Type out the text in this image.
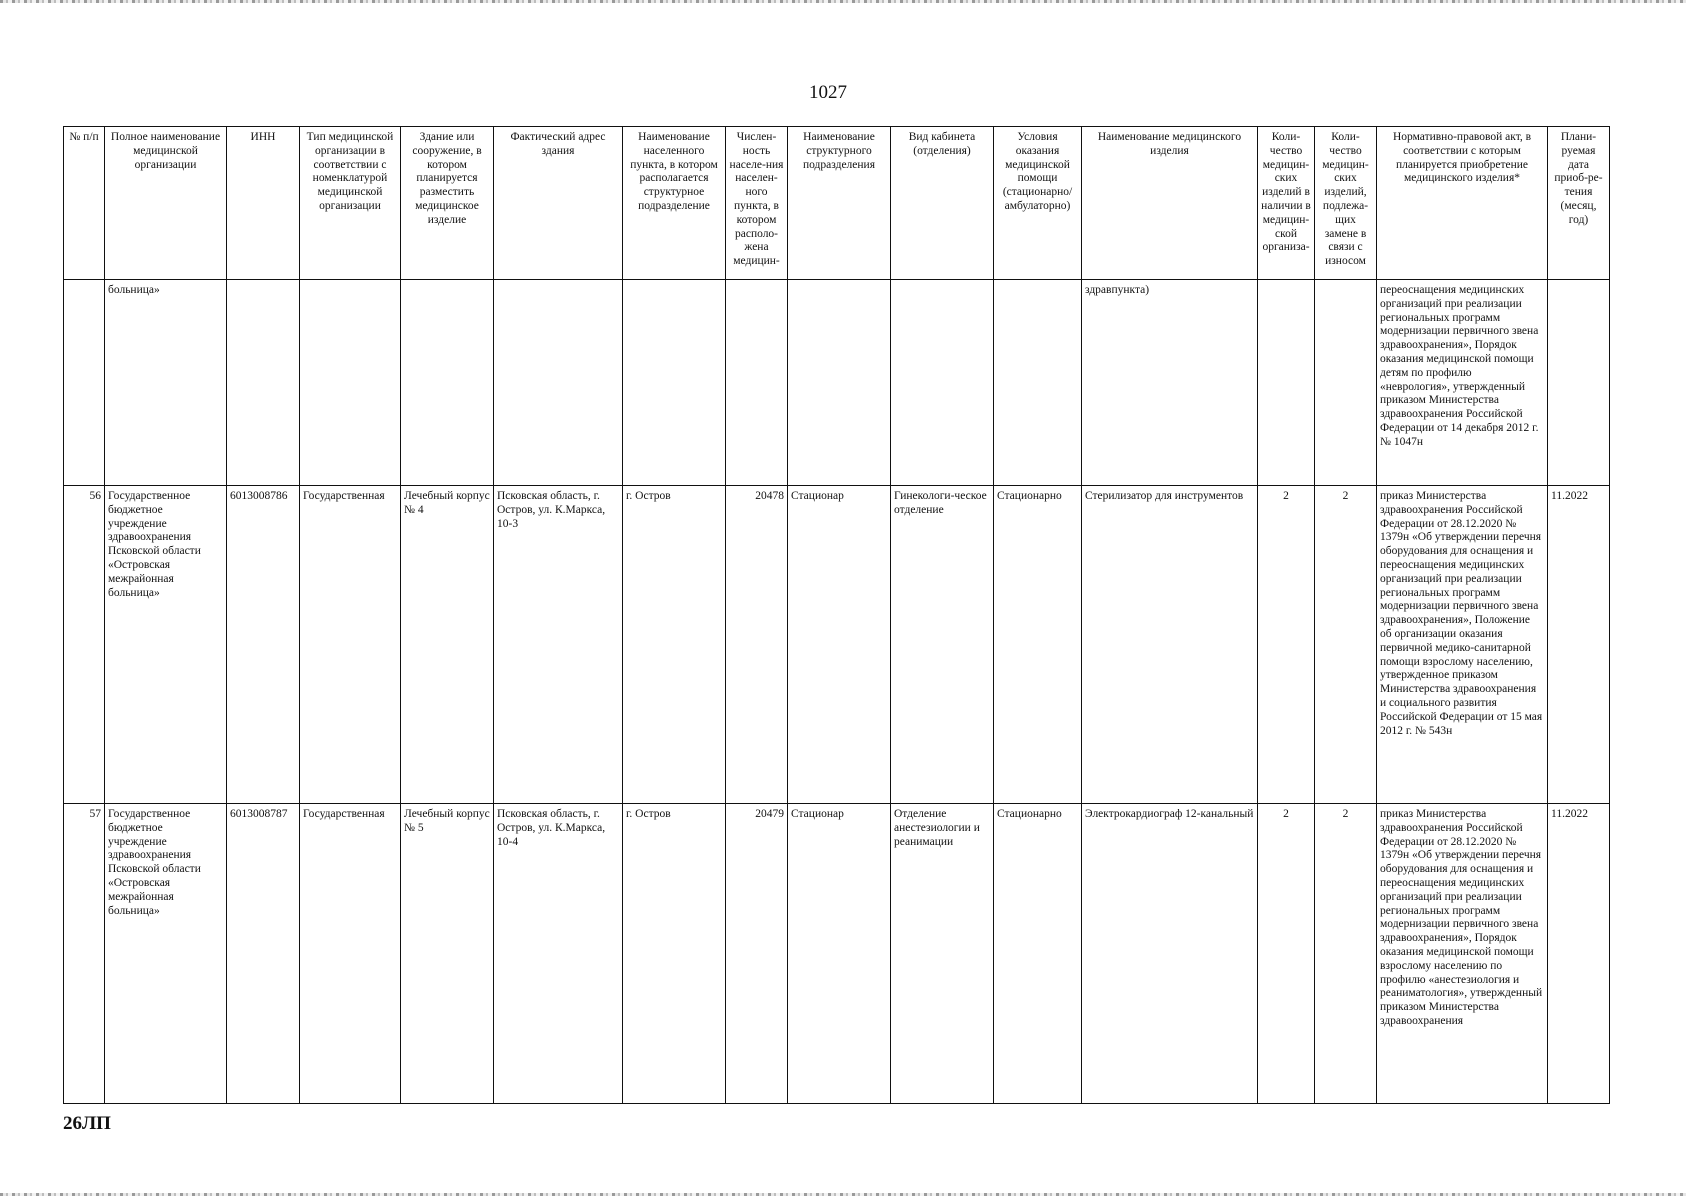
1027
№ п/п	Полное наименование медицинской организации	ИНН	Тип медицинской организации в соответствии с номенклатурой медицинской организации	Здание или сооружение, в котором планируется разместить медицинское изделие	Фактический адрес здания	Наименование населенного пункта, в котором располагается структурное подразделение	Числен-ность населе-ния населен-ного пункта, в котором располо-жена медицин-	Наименование структурного подразделения	Вид кабинета (отделения)	Условия оказания медицинской помощи (стационарно/ амбулаторно)	Наименование медицинского изделия	Коли-чество медицин-ских изделий в наличии в медицин-ской организа-	Коли-чество медицин-ских изделий, подлежа-щих замене в связи с износом	Нормативно-правовой акт, в соответствии с которым планируется приобретение медицинского изделия*	Плани-руемая дата приоб-ре-тения (месяц, год)

	больница»										здравпункта)			переоснащения медицинских организаций при реализации региональных программ модернизации первичного звена здравоохранения», Порядок оказания медицинской помощи детям по профилю «неврология», утвержденный приказом Министерства здравоохранения Российской Федерации от 14 декабря 2012 г. № 1047н	
56	Государственное бюджетное учреждение здравоохранения Псковской области «Островская межрайонная больница»	6013008786	Государственная	Лечебный корпус № 4	Псковская область, г. Остров, ул. К.Маркса, 10-3	г. Остров	20478	Стационар	Гинекологи-ческое отделение	Стационарно	Стерилизатор для инструментов	2	2	приказ Министерства здравоохранения Российской Федерации от 28.12.2020 № 1379н «Об утверждении перечня оборудования для оснащения и переоснащения медицинских организаций при реализации региональных программ модернизации первичного звена здравоохранения», Положение об организации оказания первичной медико-санитарной помощи взрослому населению, утвержденное приказом Министерства здравоохранения и социального развития Российской Федерации от 15 мая 2012 г. № 543н	11.2022
57	Государственное бюджетное учреждение здравоохранения Псковской области «Островская межрайонная больница»	6013008787	Государственная	Лечебный корпус № 5	Псковская область, г. Остров, ул. К.Маркса, 10-4	г. Остров	20479	Стационар	Отделение анестезиологии и реанимации	Стационарно	Электрокардиограф 12-канальный	2	2	приказ Министерства здравоохранения Российской Федерации от 28.12.2020 № 1379н «Об утверждении перечня оборудования для оснащения и переоснащения медицинских организаций при реализации региональных программ модернизации первичного звена здравоохранения», Порядок оказания медицинской помощи взрослому населению по профилю «анестезиология и реаниматология», утвержденный приказом Министерства здравоохранения	11.2022
26ЛП
